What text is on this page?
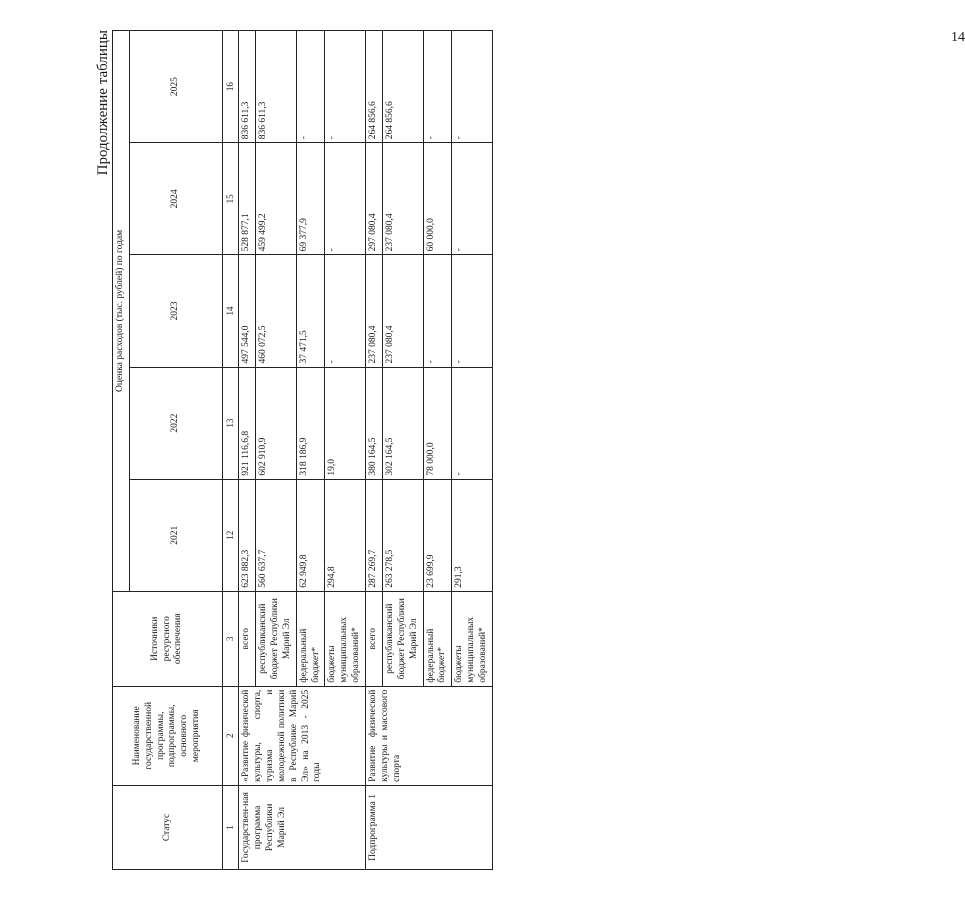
14
Продолжение таблицы
Статус	Наименование государственной программы, подпрограммы, основного мероприятия	Источники ресурсного обеспечения	Оценка расходов (тыс. рублей) по годам				
			2021	2022	2023	2024	2025
1	2	3	12	13	14	15	16
Государствен-ная программа Республики Марий Эл	«Развитие физической культуры, спорта, туризма и молодежной политики в Республике Марий Эл» на 2013 - 2025 годы	всего	623 882,3	921 116,6,8	497 544,0	528 877,1	836 611,3
		республиканский бюджет Республики Марий Эл	560 637,7	602 910,9	460 072,5	459 499,2	836 611,3
		федеральный бюджет*	62 949,8	318 186,9	37 471,5	69 377,9	-
		бюджеты муниципальных образований*	294,8	19,0	-	-	-
Подпрограмма 1	Развитие физической культуры и массового спорта	всего	287 269,7	380 164,5	237 080,4	297 080,4	264 856,6
		республиканский бюджет Республики Марий Эл	263 278,5	302 164,5	237 080,4	237 080,4	264 856,6
		федеральный бюджет*	23 699,9	78 000,0	-	60 000,0	-
		бюджеты муниципальных образований*	291,3	-	-	-	-
